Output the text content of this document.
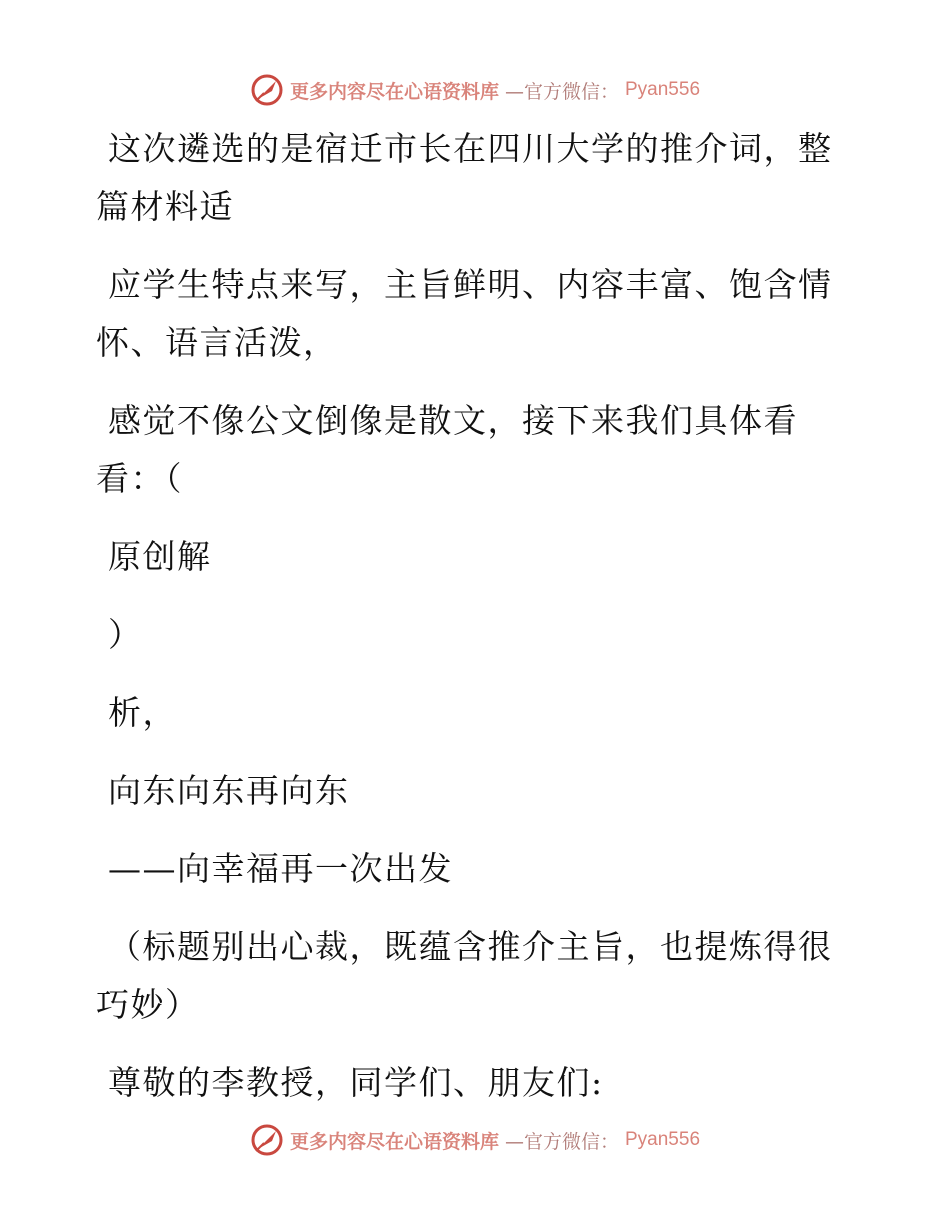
更多内容尽在心语资料库 —官方微信： Pyan556

这次遴选的是宿迁市长在四川大学的推介词，整篇材料适

应学生特点来写，主旨鲜明、内容丰富、饱含情怀、语言活泼，

感觉不像公文倒像是散文，接下来我们具体看看：（

原创解

）

析，

向东向东再向东

——向幸福再一次出发

（标题别出心裁，既蕴含推介主旨，也提炼得很巧妙）

尊敬的李教授，同学们、朋友们:

更多内容尽在心语资料库 —官方微信： Pyan556
